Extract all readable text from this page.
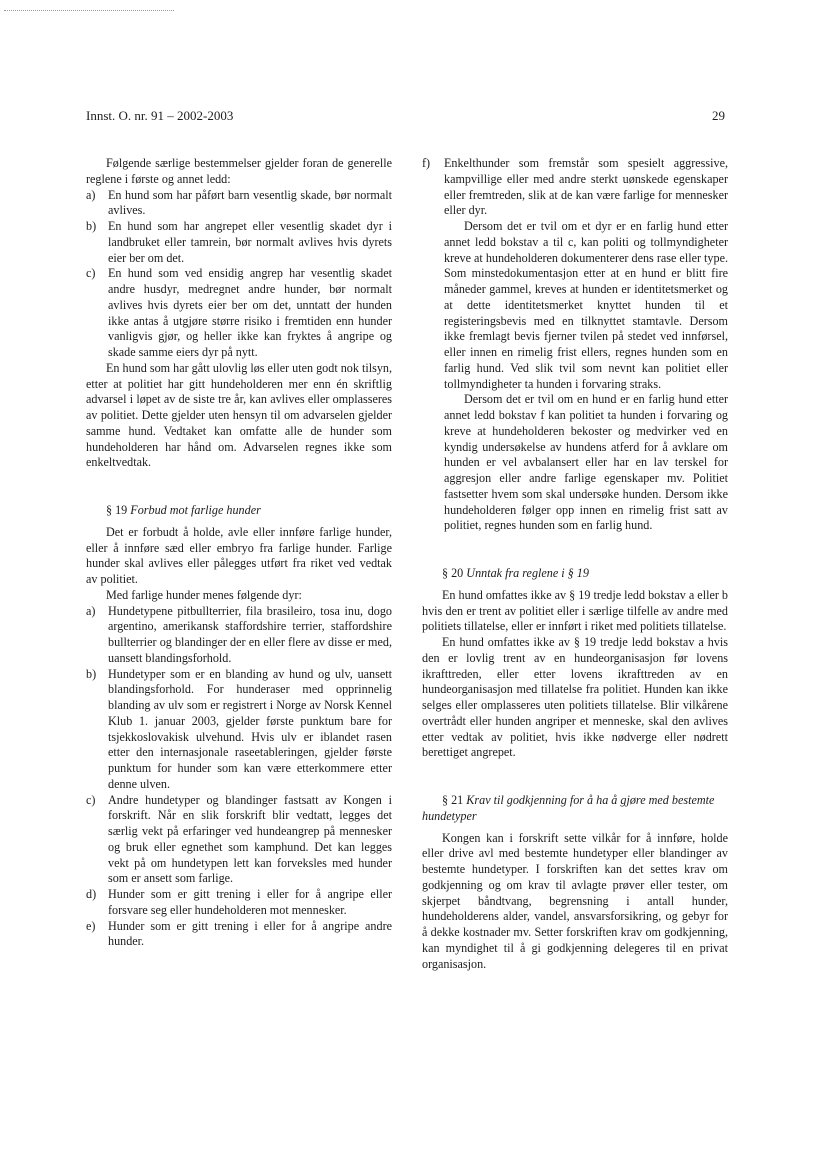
Innst. O. nr. 91 – 2002-2003	29

Følgende særlige bestemmelser gjelder foran de generelle reglene i første og annet ledd:

a) En hund som har påført barn vesentlig skade, bør normalt avlives.
b) En hund som har angrepet eller vesentlig skadet dyr i landbruket eller tamrein, bør normalt avlives hvis dyrets eier ber om det.
c) En hund som ved ensidig angrep har vesentlig skadet andre husdyr, medregnet andre hunder, bør normalt avlives hvis dyrets eier ber om det, unntatt der hunden ikke antas å utgjøre større risiko i fremtiden enn hunder vanligvis gjør, og heller ikke kan fryktes å angripe og skade samme eiers dyr på nytt.

En hund som har gått ulovlig løs eller uten godt nok tilsyn, etter at politiet har gitt hundeholderen mer enn én skriftlig advarsel i løpet av de siste tre år, kan avlives eller omplasseres av politiet. Dette gjelder uten hensyn til om advarselen gjelder samme hund. Vedtaket kan omfatte alle de hunder som hundeholderen har hånd om. Advarselen regnes ikke som enkeltvedtak.

§ 19 Forbud mot farlige hunder

Det er forbudt å holde, avle eller innføre farlige hunder, eller å innføre sæd eller embryo fra farlige hunder. Farlige hunder skal avlives eller pålegges utført fra riket ved vedtak av politiet.

Med farlige hunder menes følgende dyr:

a) Hundetypene pitbullterrier, fila brasileiro, tosa inu, dogo argentino, amerikansk staffordshire terrier, staffordshire bullterrier og blandinger der en eller flere av disse er med, uansett blandingsforhold.
b) Hundetyper som er en blanding av hund og ulv, uansett blandingsforhold. For hunderaser med opprinnelig blanding av ulv som er registrert i Norge av Norsk Kennel Klub 1. januar 2003, gjelder første punktum bare for tsjekkoslovakisk ulvehund. Hvis ulv er iblandet rasen etter den internasjonale raseetableringen, gjelder første punktum for hunder som kan være etterkommere etter denne ulven.
c) Andre hundetyper og blandinger fastsatt av Kongen i forskrift. Når en slik forskrift blir vedtatt, legges det særlig vekt på erfaringer ved hundeangrep på mennesker og bruk eller egnethet som kamphund. Det kan legges vekt på om hundetypen lett kan forveksles med hunder som er ansett som farlige.
d) Hunder som er gitt trening i eller for å angripe eller forsvare seg eller hundeholderen mot mennesker.
e) Hunder som er gitt trening i eller for å angripe andre hunder.
f) Enkelthunder som fremstår som spesielt aggressive, kampvillige eller med andre sterkt uønskede egenskaper eller fremtreden, slik at de kan være farlige for mennesker eller dyr.

Dersom det er tvil om et dyr er en farlig hund etter annet ledd bokstav a til c, kan politi og tollmyndigheter kreve at hundeholderen dokumenterer dens rase eller type. Som minstedokumentasjon etter at en hund er blitt fire måneder gammel, kreves at hunden er identitetsmerket og at dette identitetsmerket knyttet hunden til et registeringsbevis med en tilknyttet stamtavle. Dersom ikke fremlagt bevis fjerner tvilen på stedet ved innførsel, eller innen en rimelig frist ellers, regnes hunden som en farlig hund. Ved slik tvil som nevnt kan politiet eller tollmyndigheter ta hunden i forvaring straks.

Dersom det er tvil om en hund er en farlig hund etter annet ledd bokstav f kan politiet ta hunden i forvaring og kreve at hundeholderen bekoster og medvirker ved en kyndig undersøkelse av hundens atferd for å avklare om hunden er vel avbalansert eller har en lav terskel for aggresjon eller andre farlige egenskaper mv. Politiet fastsetter hvem som skal undersøke hunden. Dersom ikke hundeholderen følger opp innen en rimelig frist satt av politiet, regnes hunden som en farlig hund.

§ 20 Unntak fra reglene i § 19

En hund omfattes ikke av § 19 tredje ledd bokstav a eller b hvis den er trent av politiet eller i særlige tilfelle av andre med politiets tillatelse, eller er innført i riket med politiets tillatelse.

En hund omfattes ikke av § 19 tredje ledd bokstav a hvis den er lovlig trent av en hundeorganisasjon før lovens ikrafttreden, eller etter lovens ikrafttreden av en hundeorganisasjon med tillatelse fra politiet. Hunden kan ikke selges eller omplasseres uten politiets tillatelse. Blir vilkårene overtrådt eller hunden angriper et menneske, skal den avlives etter vedtak av politiet, hvis ikke nødverge eller nødrett berettiget angrepet.

§ 21 Krav til godkjenning for å ha å gjøre med bestemte hundetyper

Kongen kan i forskrift sette vilkår for å innføre, holde eller drive avl med bestemte hundetyper eller blandinger av bestemte hundetyper. I forskriften kan det settes krav om godkjenning og om krav til avlagte prøver eller tester, om skjerpet båndtvang, begrensning i antall hunder, hundeholderens alder, vandel, ansvarsforsikring, og gebyr for å dekke kostnader mv. Setter forskriften krav om godkjenning, kan myndighet til å gi godkjenning delegeres til en privat organisasjon.
